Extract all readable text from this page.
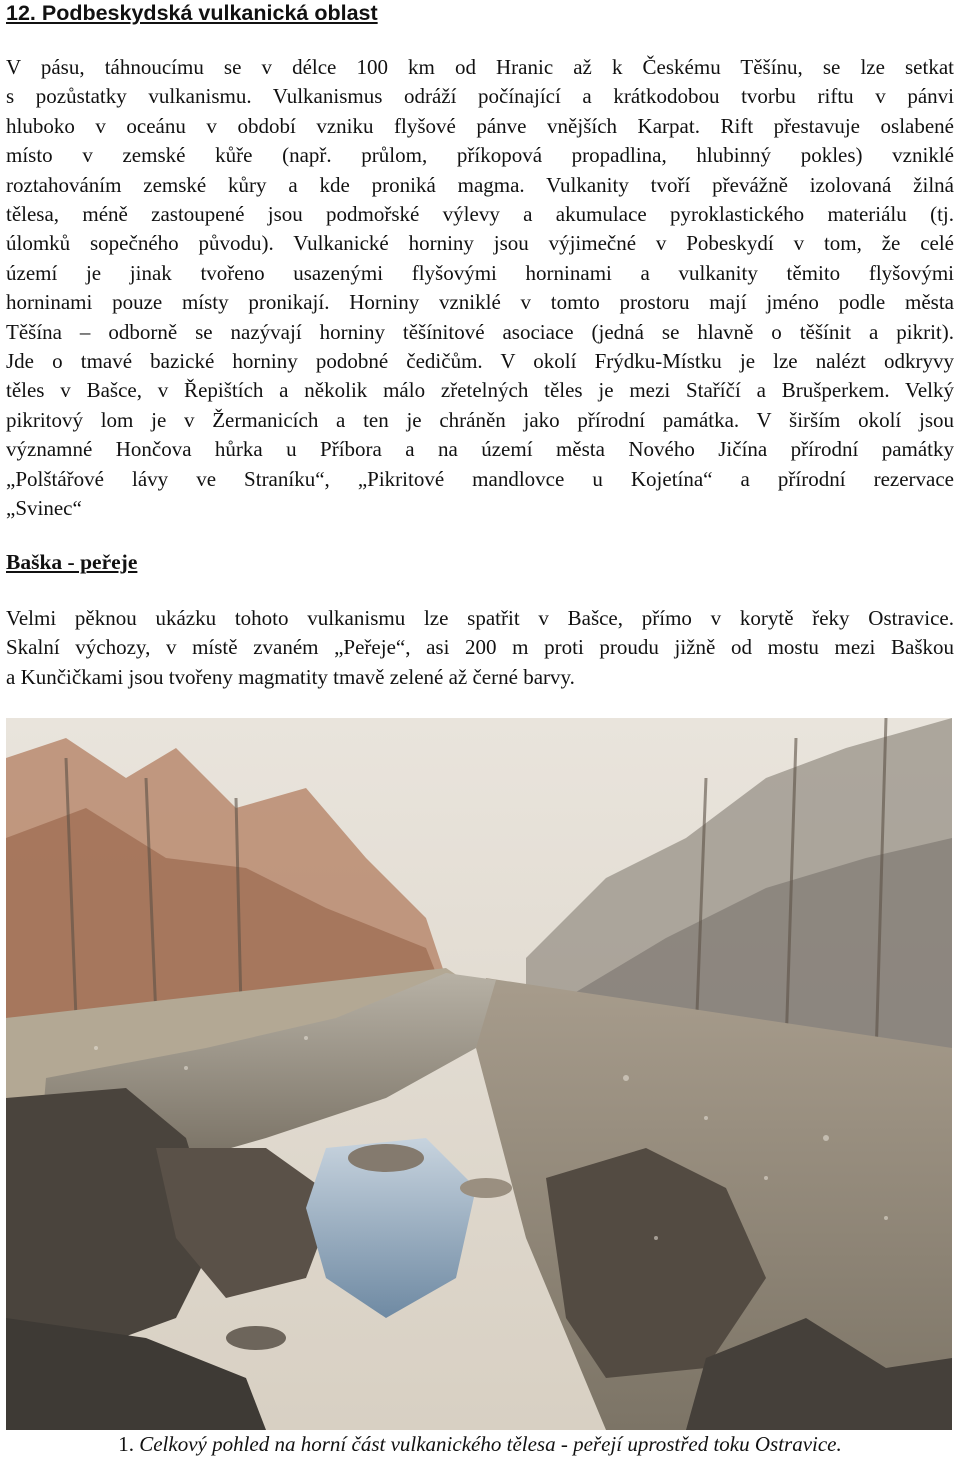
12. Podbeskydská vulkanická oblast

V pásu, táhnoucímu se v délce 100 km od Hranic až k Českému Těšínu, se lze setkat
s pozůstatky vulkanismu. Vulkanismus odráží počínající a krátkodobou tvorbu riftu v pánvi
hluboko v oceánu v období vzniku flyšové pánve vnějších Karpat. Rift přestavuje oslabené
místo v zemské kůře (např. průlom, příkopová propadlina, hlubinný pokles) vzniklé
roztahováním zemské kůry a kde proniká magma. Vulkanity tvoří převážně izolovaná žilná
tělesa, méně zastoupené jsou podmořské výlevy a akumulace pyroklastického materiálu (tj.
úlomků sopečného původu). Vulkanické horniny jsou výjimečné v Pobeskydí v tom, že celé
území je jinak tvořeno usazenými flyšovými horninami a vulkanity těmito flyšovými
horninami pouze místy pronikají. Horniny vzniklé v tomto prostoru mají jméno podle města
Těšína – odborně se nazývají horniny těšínitové asociace (jedná se hlavně o těšínit a pikrit).
Jde o tmavé bazické horniny podobné čedičům. V okolí Frýdku-Místku je lze nalézt odkryvy
těles v Bašce, v Řepištích a několik málo zřetelných těles je mezi Staříčí a Brušperkem. Velký
pikritový lom je v Žermanicích a ten je chráněn jako přírodní památka. V širším okolí jsou
významné Hončova hůrka u Příbora a na území města Nového Jičína přírodní památky
„Polštářové lávy ve Straníku“, „Pikritové mandlovce u Kojetína“ a přírodní rezervace
„Svinec“

Baška - peřeje

Velmi pěknou ukázku tohoto vulkanismu lze spatřit v Bašce, přímo v korytě řeky Ostravice.
Skalní výchozy, v místě zvaném „Peřeje“, asi 200 m proti proudu jižně od mostu mezi Baškou
a Kunčičkami jsou tvořeny magmatity tmavě zelené až černé barvy.

1. Celkový pohled na horní část vulkanického tělesa - peřejí uprostřed toku Ostravice.
